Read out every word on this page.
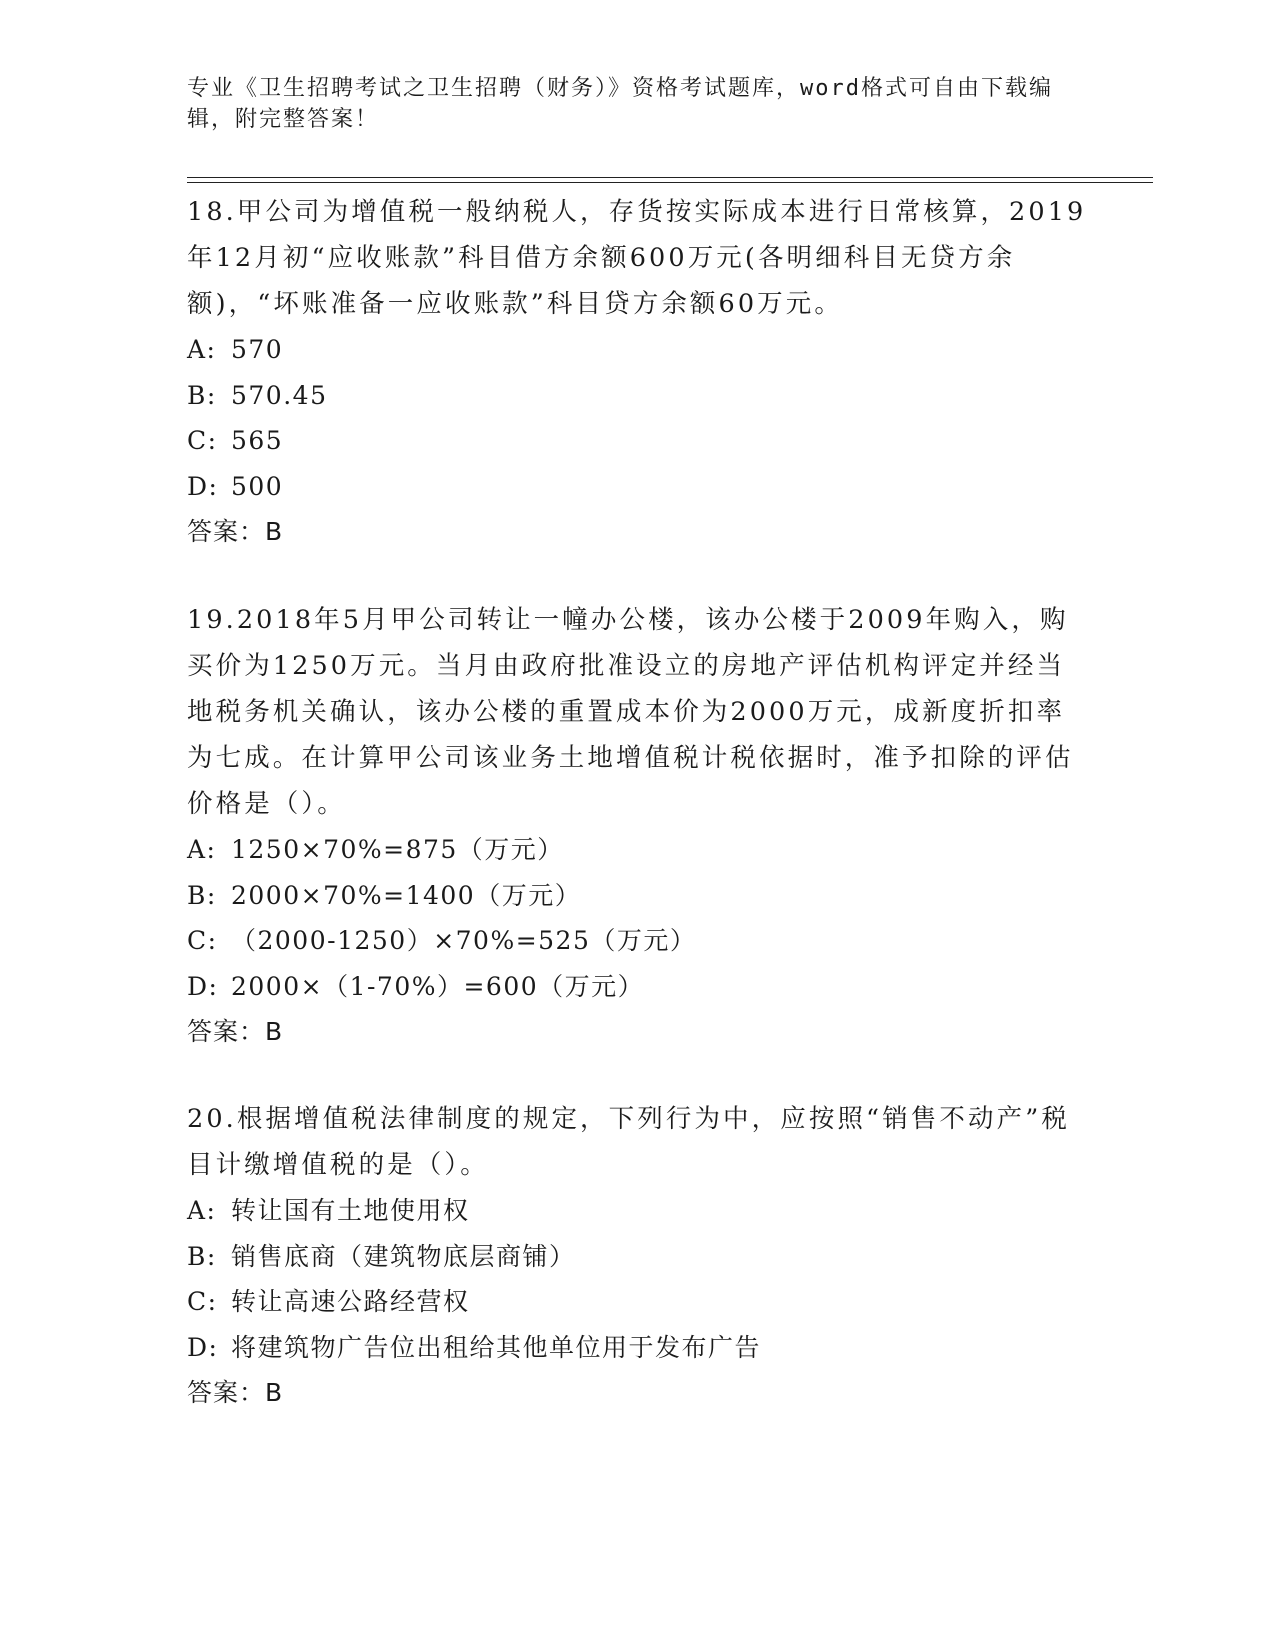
专业《卫生招聘考试之卫生招聘（财务）》资格考试题库，word格式可自由下载编辑，附完整答案！

18.甲公司为增值税一般纳税人，存货按实际成本进行日常核算，2019年12月初“应收账款”科目借方余额600万元(各明细科目无贷方余额)，“坏账准备一应收账款”科目贷方余额60万元。

A: 570

B: 570.45

C: 565

D: 500

答案：B

19.2018年5月甲公司转让一幢办公楼，该办公楼于2009年购入，购买价为1250万元。当月由政府批准设立的房地产评估机构评定并经当地税务机关确认，该办公楼的重置成本价为2000万元，成新度折扣率为七成。在计算甲公司该业务土地增值税计税依据时，准予扣除的评估价格是（）。

A: 1250×70%=875（万元）

B: 2000×70%=1400（万元）

C: （2000-1250）×70%=525（万元）

D: 2000×（1-70%）=600（万元）

答案：B

20.根据增值税法律制度的规定，下列行为中，应按照“销售不动产”税目计缴增值税的是（）。

A: 转让国有土地使用权

B: 销售底商（建筑物底层商铺）

C: 转让高速公路经营权

D: 将建筑物广告位出租给其他单位用于发布广告

答案：B
